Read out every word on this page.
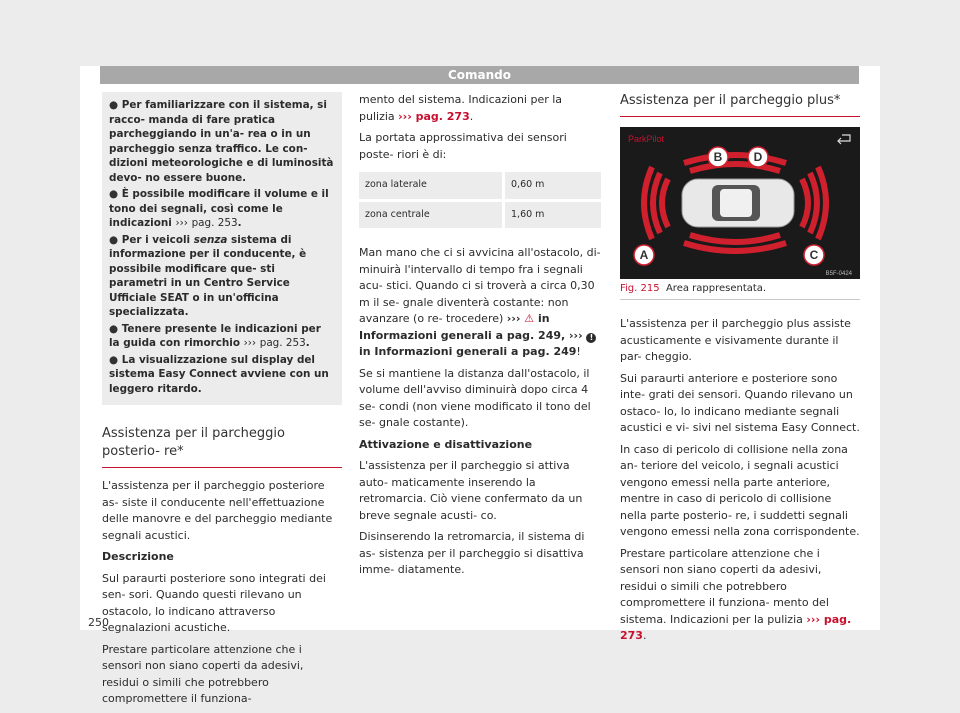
Comando
● Per familiarizzare con il sistema, si racco- manda di fare pratica parcheggiando in un'a- rea o in un parcheggio senza traffico. Le con- dizioni meteorologiche e di luminosità devo- no essere buone.
● È possibile modificare il volume e il tono dei segnali, così come le indicazioni ››› pag. 253.
● Per i veicoli senza sistema di informazione per il conducente, è possibile modificare que- sti parametri in un Centro Service Ufficiale SEAT o in un'officina specializzata.
● Tenere presente le indicazioni per la guida con rimorchio ››› pag. 253.
● La visualizzazione sul display del sistema Easy Connect avviene con un leggero ritardo.
Assistenza per il parcheggio posterio- re*

L'assistenza per il parcheggio posteriore as- siste il conducente nell'effettuazione delle manovre e del parcheggio mediante segnali acustici.

Descrizione

Sul paraurti posteriore sono integrati dei sen- sori. Quando questi rilevano un ostacolo, lo indicano attraverso segnalazioni acustiche.

Prestare particolare attenzione che i sensori non siano coperti da adesivi, residui o simili che potrebbero compromettere il funziona-

mento del sistema. Indicazioni per la pulizia ››› pag. 273.

La portata approssimativa dei sensori poste- riori è di:

zona laterale	0,60 m
zona centrale	1,60 m

Man mano che ci si avvicina all'ostacolo, di- minuirà l'intervallo di tempo fra i segnali acu- stici. Quando ci si troverà a circa 0,30 m il se- gnale diventerà costante: non avanzare (o re- trocedere) ››› ⚠ in Informazioni generali a pag. 249, ››› ! in Informazioni generali a pag. 249!

Se si mantiene la distanza dall'ostacolo, il volume dell'avviso diminuirà dopo circa 4 se- condi (non viene modificato il tono del se- gnale costante).

Attivazione e disattivazione

L'assistenza per il parcheggio si attiva auto- maticamente inserendo la retromarcia. Ciò viene confermato da un breve segnale acusti- co.

Disinserendo la retromarcia, il sistema di as- sistenza per il parcheggio si disattiva imme- diatamente.

Assistenza per il parcheggio plus*
ParkPilot
B	D
A	C
B5F-0424
Fig. 215 Area rappresentata.

L'assistenza per il parcheggio plus assiste acusticamente e visivamente durante il par- cheggio.

Sui paraurti anteriore e posteriore sono inte- grati dei sensori. Quando rilevano un ostaco- lo, lo indicano mediante segnali acustici e vi- sivi nel sistema Easy Connect.

In caso di pericolo di collisione nella zona an- teriore del veicolo, i segnali acustici vengono emessi nella parte anteriore, mentre in caso di pericolo di collisione nella parte posterio- re, i suddetti segnali vengono emessi nella zona corrispondente.

Prestare particolare attenzione che i sensori non siano coperti da adesivi, residui o simili che potrebbero compromettere il funziona- mento del sistema. Indicazioni per la pulizia ››› pag. 273.

250
